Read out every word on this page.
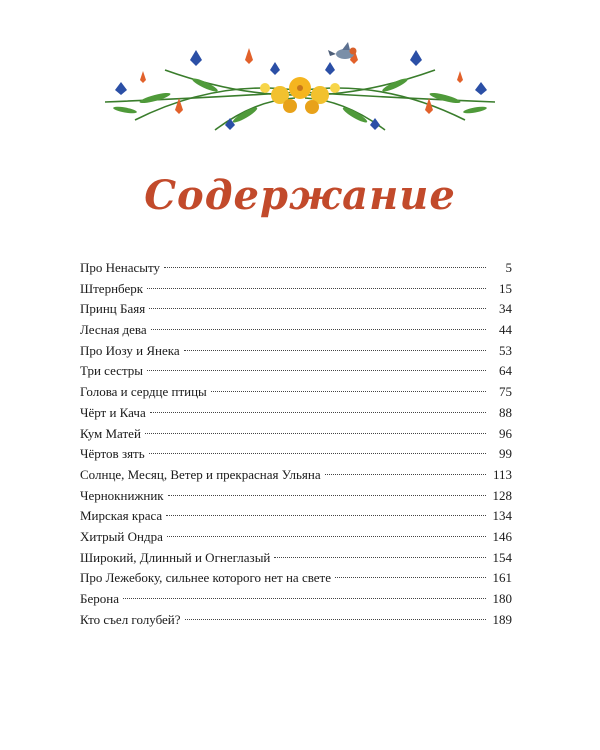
Содержание
Про Ненасыту	5
Штернберк	15
Принц Баяя	34
Лесная дева	44
Про Иозу и Янека	53
Три сестры	64
Голова и сердце птицы	75
Чёрт и Кача	88
Кум Матей	96
Чёртов зять	99
Солнце, Месяц, Ветер и прекрасная Ульяна	113
Чернокнижник	128
Мирская краса	134
Хитрый Ондра	146
Широкий, Длинный и Огнеглазый	154
Про Лежебоку, сильнее которого нет на свете	161
Берона	180
Кто съел голубей?	189
